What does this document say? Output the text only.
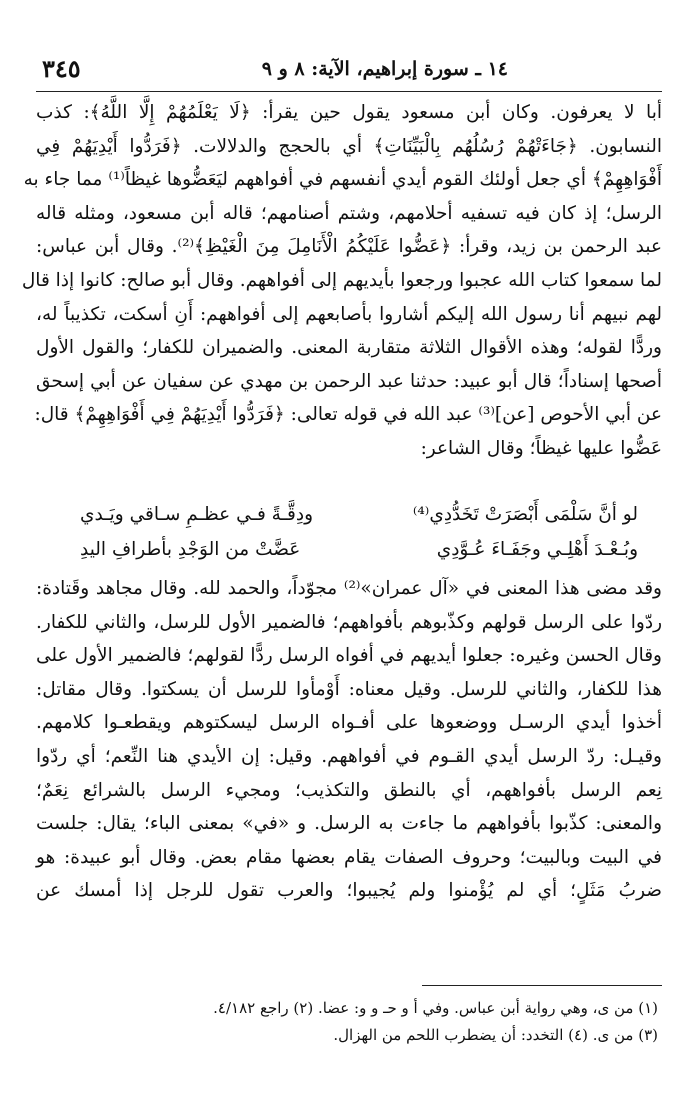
١٤ ـ سورة إبراهيم، الآية: ٨ و ٩
٣٤٥
أبا لا يعرفون. وكان أبن مسعود يقول حين يقرأ: ﴿لَا يَعْلَمُهُمْ إِلَّا اللَّهُ﴾: كذب
النسابون. ﴿جَاءَتْهُمْ رُسُلُهُم بِالْبَيِّنَاتِ﴾ أي بالحجج والدلالات. ﴿فَرَدُّوا أَيْدِيَهُمْ فِي
أَفْوَاهِهِمْ﴾ أي جعل أولئك القوم أيدي أنفسهم في أفواههم ليَعَضُّوها غيظاً⁽¹⁾ مما جاء به
الرسل؛ إذ كان فيه تسفيه أحلامهم، وشتم أصنامهم؛ قاله أبن مسعود، ومثله قاله
عبد الرحمن بن زيد، وقرأ: ﴿عَضُّوا عَلَيْكُمُ الْأَنَامِلَ مِنَ الْغَيْظِ﴾⁽²⁾. وقال أبن عباس:
لما سمعوا كتاب الله عجبوا ورجعوا بأيديهم إلى أفواههم. وقال أبو صالح: كانوا إذا قال
لهم نبيهم أنا رسول الله إليكم أشاروا بأصابعهم إلى أفواههم: أَنِ أسكت، تكذيباً له،
وردًّا لقوله؛ وهذه الأقوال الثلاثة متقاربة المعنى. والضميران للكفار؛ والقول الأول
أصحها إسناداً؛ قال أبو عبيد: حدثنا عبد الرحمن بن مهدي عن سفيان عن أبي إسحق
عن أبي الأحوص [عن]⁽³⁾ عبد الله في قوله تعالى: ﴿فَرَدُّوا أَيْدِيَهُمْ فِي أَفْوَاهِهِمْ﴾ قال:
عَضُّوا عليها غيظاً؛ وقال الشاعر:
لو أنَّ سَلْمَى أَبْصَرَتْ تَخَدُّدِي⁽⁴⁾
ودِقَّـةً فـي عظـمِ سـاقي ويَـدي
وبُـعْـدَ أَهْلِـي وجَفَـاءَ عُـوَّدِي
عَضَّتْ من الوَجْدِ بأطرافِ اليدِ
وقد مضى هذا المعنى في «آل عمران»⁽²⁾ مجوّداً، والحمد لله. وقال مجاهد وقَتادة:
ردّوا على الرسل قولهم وكذّبوهم بأفواههم؛ فالضمير الأول للرسل، والثاني للكفار.
وقال الحسن وغيره: جعلوا أيديهم في أفواه الرسل ردًّا لقولهم؛ فالضمير الأول على
هذا للكفار، والثاني للرسل. وقيل معناه: أَوْمأوا للرسل أن يسكتوا. وقال مقاتل:
أخذوا أيدي الرسـل ووضعوها على أفـواه الرسل ليسكتوهم ويقطعـوا كلامهم.
وقيـل: ردّ الرسل أيدي القـوم في أفواههم. وقيل: إن الأيدي هنا النِّعم؛ أي ردّوا
نِعم الرسل بأفواههم، أي بالنطق والتكذيب؛ ومجيء الرسل بالشرائع نِعَمٌ؛
والمعنى: كذّبوا بأفواههم ما جاءت به الرسل. و «في» بمعنى الباء؛ يقال: جلست
في البيت وبالبيت؛ وحروف الصفات يقام بعضها مقام بعض. وقال أبو عبيدة: هو
ضربُ مَثَلٍ؛ أي لم يُؤْمنوا ولم يُجيبوا؛ والعرب تقول للرجل إذا أمسك عن
(١) من ى، وهي رواية أبن عباس. وفي أ و حـ و و: عضا. (٢) راجع ٤/١٨٢.
(٣) من ى. (٤) التخدد: أن يضطرب اللحم من الهزال.
